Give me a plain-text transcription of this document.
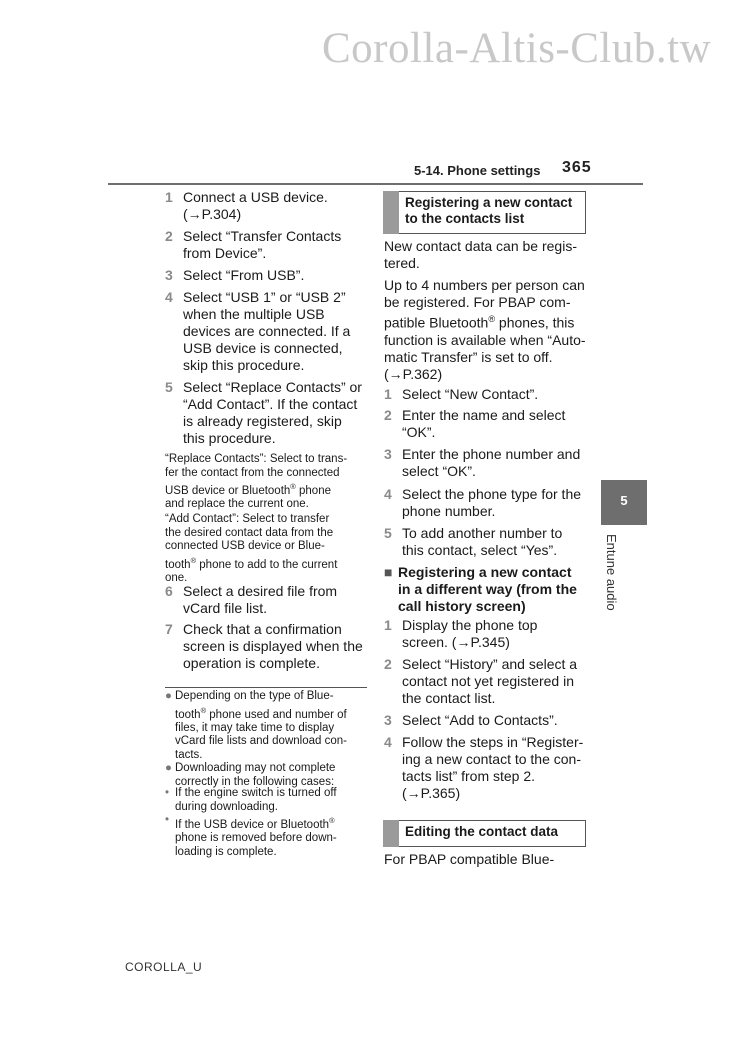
Corolla-Altis-Club.tw
5-14. Phone settings 365
1 Connect a USB device.
(→P.304)
2 Select “Transfer Contacts
from Device”.
3 Select “From USB”.
4 Select “USB 1” or “USB 2”
when the multiple USB
devices are connected. If a
USB device is connected,
skip this procedure.
5 Select “Replace Contacts” or
“Add Contact”. If the contact
is already registered, skip
this procedure.
“Replace Contacts”: Select to trans-
fer the contact from the connected
USB device or Bluetooth® phone
and replace the current one.
“Add Contact”: Select to transfer
the desired contact data from the
connected USB device or Blue-
tooth® phone to add to the current
one.
6 Select a desired file from
vCard file list.
7 Check that a confirmation
screen is displayed when the
operation is complete.
● Depending on the type of Blue-
tooth® phone used and number of
files, it may take time to display
vCard file lists and download con-
tacts.
● Downloading may not complete
correctly in the following cases:
• If the engine switch is turned off
during downloading.
• If the USB device or Bluetooth®
phone is removed before down-
loading is complete.
Registering a new contact
to the contacts list
New contact data can be regis-
tered.
Up to 4 numbers per person can
be registered. For PBAP com-
patible Bluetooth® phones, this
function is available when “Auto-
matic Transfer” is set to off.
(→P.362)
1 Select “New Contact”.
2 Enter the name and select
“OK”.
3 Enter the phone number and
select “OK”.
4 Select the phone type for the
phone number.
5 To add another number to
this contact, select “Yes”.
■ Registering a new contact
in a different way (from the
call history screen)
1 Display the phone top
screen. (→P.345)
2 Select “History” and select a
contact not yet registered in
the contact list.
3 Select “Add to Contacts”.
4 Follow the steps in “Register-
ing a new contact to the con-
tacts list” from step 2.
(→P.365)
Editing the contact data
For PBAP compatible Blue-
5
Entune audio
COROLLA_U
